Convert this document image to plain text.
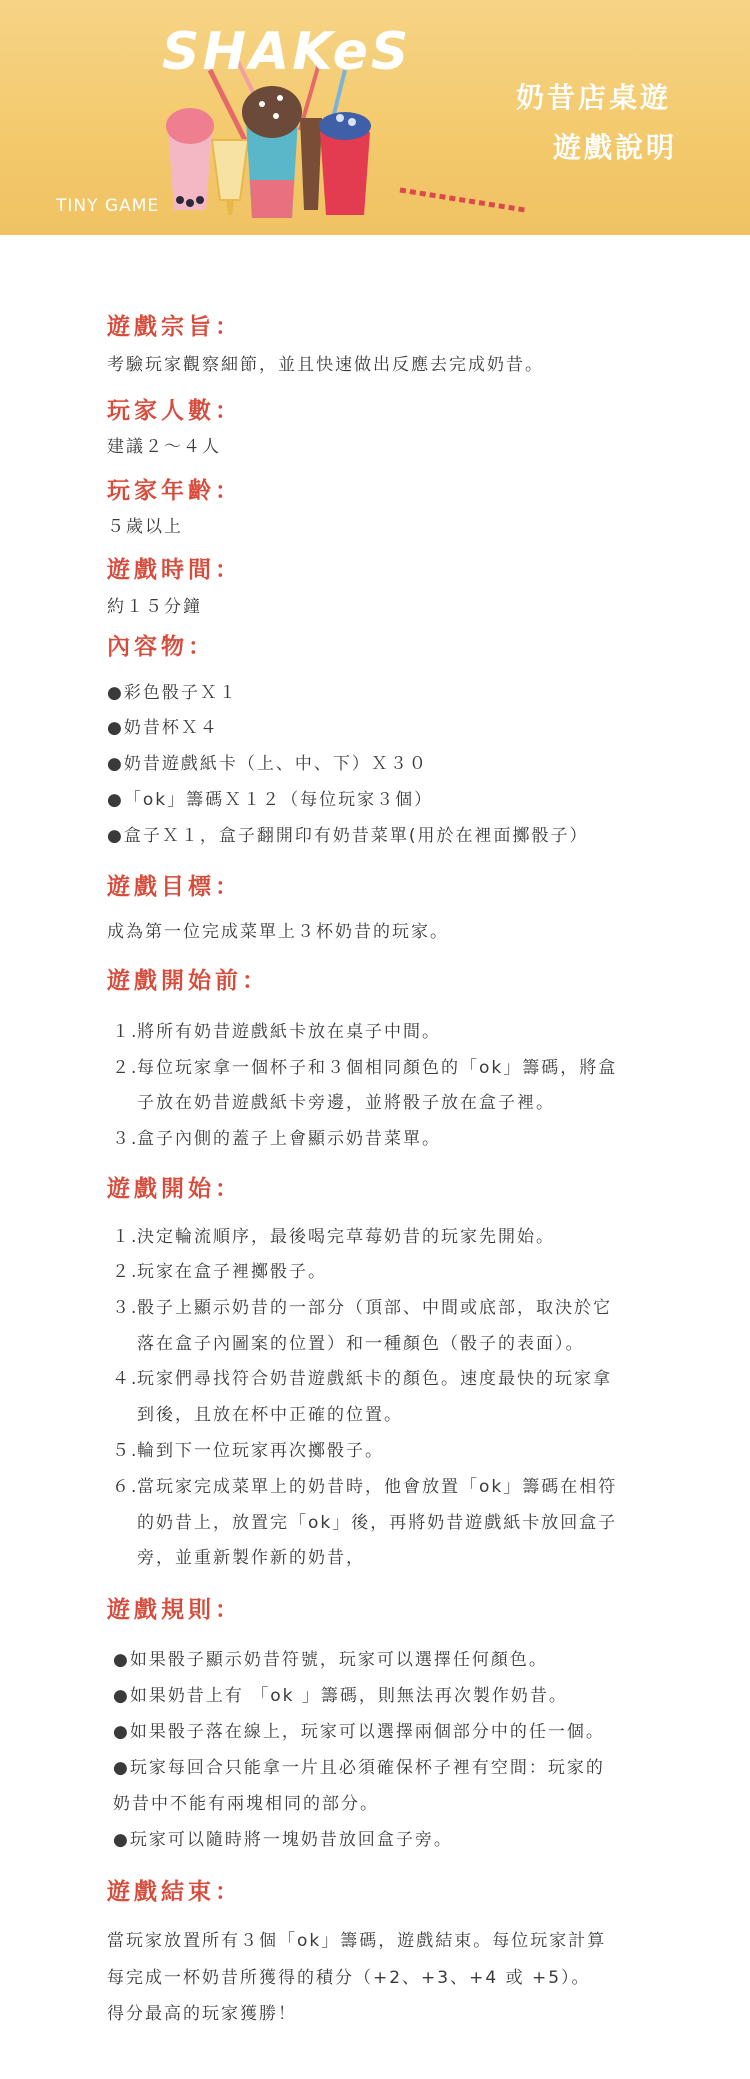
SHAKeS
TINY GAME
奶昔店桌遊
遊戲說明
遊戲宗旨：
考驗玩家觀察細節，並且快速做出反應去完成奶昔。
玩家人數：
建議２～４人
玩家年齡：
５歲以上
遊戲時間：
約１５分鐘
內容物：
●彩色骰子Ｘ１
●奶昔杯Ｘ４
●奶昔遊戲紙卡（上、中、下）Ｘ３０
●「ok」籌碼Ｘ１２（每位玩家３個）
●盒子Ｘ１，盒子翻開印有奶昔菜單(用於在裡面擲骰子）
遊戲目標：
成為第一位完成菜單上３杯奶昔的玩家。
遊戲開始前：
１.
將所有奶昔遊戲紙卡放在桌子中間。
２.
每位玩家拿一個杯子和３個相同顏色的「ok」籌碼，將盒
子放在奶昔遊戲紙卡旁邊，並將骰子放在盒子裡。
３.
盒子內側的蓋子上會顯示奶昔菜單。
遊戲開始：
１.
決定輪流順序，最後喝完草莓奶昔的玩家先開始。
２.
玩家在盒子裡擲骰子。
３.
骰子上顯示奶昔的一部分（頂部、中間或底部，取決於它
落在盒子內圖案的位置）和一種顏色（骰子的表面）。
４.
玩家們尋找符合奶昔遊戲紙卡的顏色。速度最快的玩家拿
到後，且放在杯中正確的位置。
５.
輪到下一位玩家再次擲骰子。
６.
當玩家完成菜單上的奶昔時，他會放置「ok」籌碼在相符
的奶昔上，放置完「ok」後，再將奶昔遊戲紙卡放回盒子
旁，並重新製作新的奶昔，
遊戲規則：
●如果骰子顯示奶昔符號，玩家可以選擇任何顏色。
●如果奶昔上有 「ok 」籌碼，則無法再次製作奶昔。
●如果骰子落在線上，玩家可以選擇兩個部分中的任一個。
●玩家每回合只能拿一片且必須確保杯子裡有空間：玩家的
奶昔中不能有兩塊相同的部分。
●玩家可以隨時將一塊奶昔放回盒子旁。
遊戲結束：
當玩家放置所有３個「ok」籌碼，遊戲結束。每位玩家計算
每完成一杯奶昔所獲得的積分（+2、+3、+4 或 +5）。
得分最高的玩家獲勝！
